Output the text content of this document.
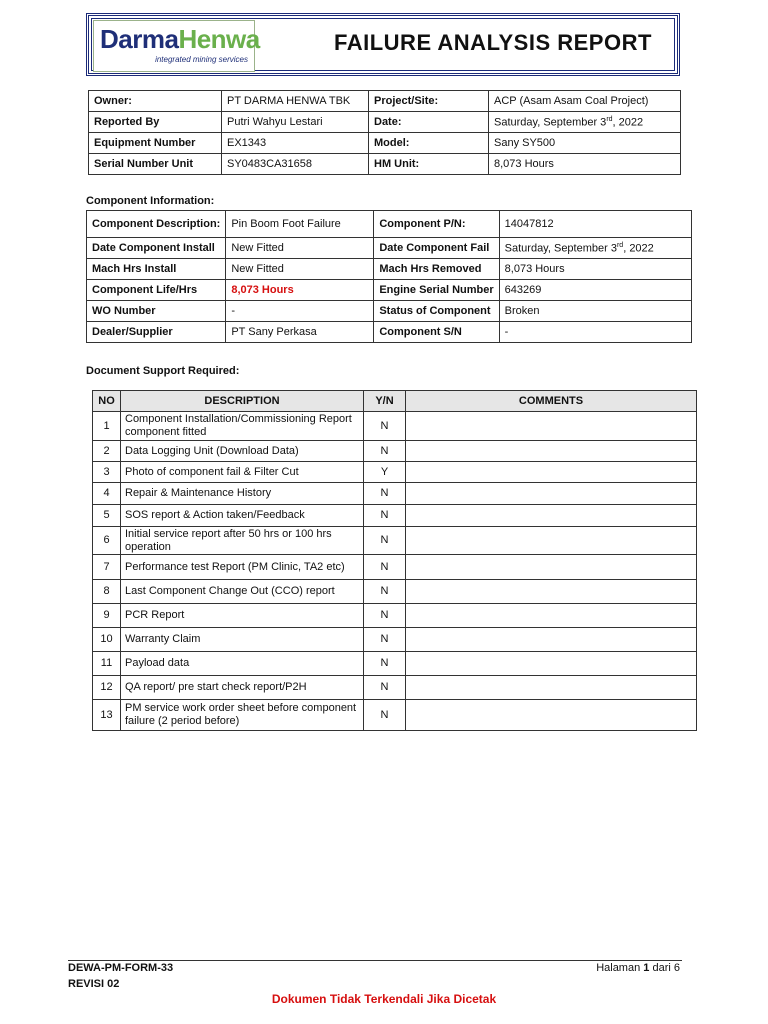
DarmaHenwa
integrated mining services
FAILURE ANALYSIS REPORT
Owner:	PT DARMA HENWA TBK	Project/Site:	ACP (Asam Asam Coal Project)
Reported By	Putri Wahyu Lestari	Date:	Saturday, September 3rd, 2022
Equipment Number	EX1343	Model:	Sany SY500
Serial Number Unit	SY0483CA31658	HM Unit:	8,073 Hours
Component Information:
Component Description:	Pin Boom Foot Failure	Component P/N:	14047812
Date Component Install	New Fitted	Date Component Fail	Saturday, September 3rd, 2022
Mach Hrs Install	New Fitted	Mach Hrs Removed	8,073 Hours
Component Life/Hrs	8,073 Hours	Engine Serial Number	643269
WO Number	-	Status of Component	Broken
Dealer/Supplier	PT Sany Perkasa	Component S/N	-
Document Support Required:
NO	DESCRIPTION	Y/N	COMMENTS
1	Component Installation/Commissioning Report component fitted	N	
2	Data Logging Unit (Download Data)	N	
3	Photo of component fail & Filter Cut	Y	
4	Repair & Maintenance History	N	
5	SOS report & Action taken/Feedback	N	
6	Initial service report after 50 hrs or 100 hrs operation	N	
7	Performance test Report (PM Clinic, TA2 etc)	N	
8	Last Component Change Out (CCO) report	N	
9	PCR Report	N	
10	Warranty Claim	N	
11	Payload data	N	
12	QA report/ pre start check report/P2H	N	
13	PM service work order sheet before component failure (2 period before)	N	
DEWA-PM-FORM-33
REVISI 02
Halaman 1 dari 6
Dokumen Tidak Terkendali Jika Dicetak
